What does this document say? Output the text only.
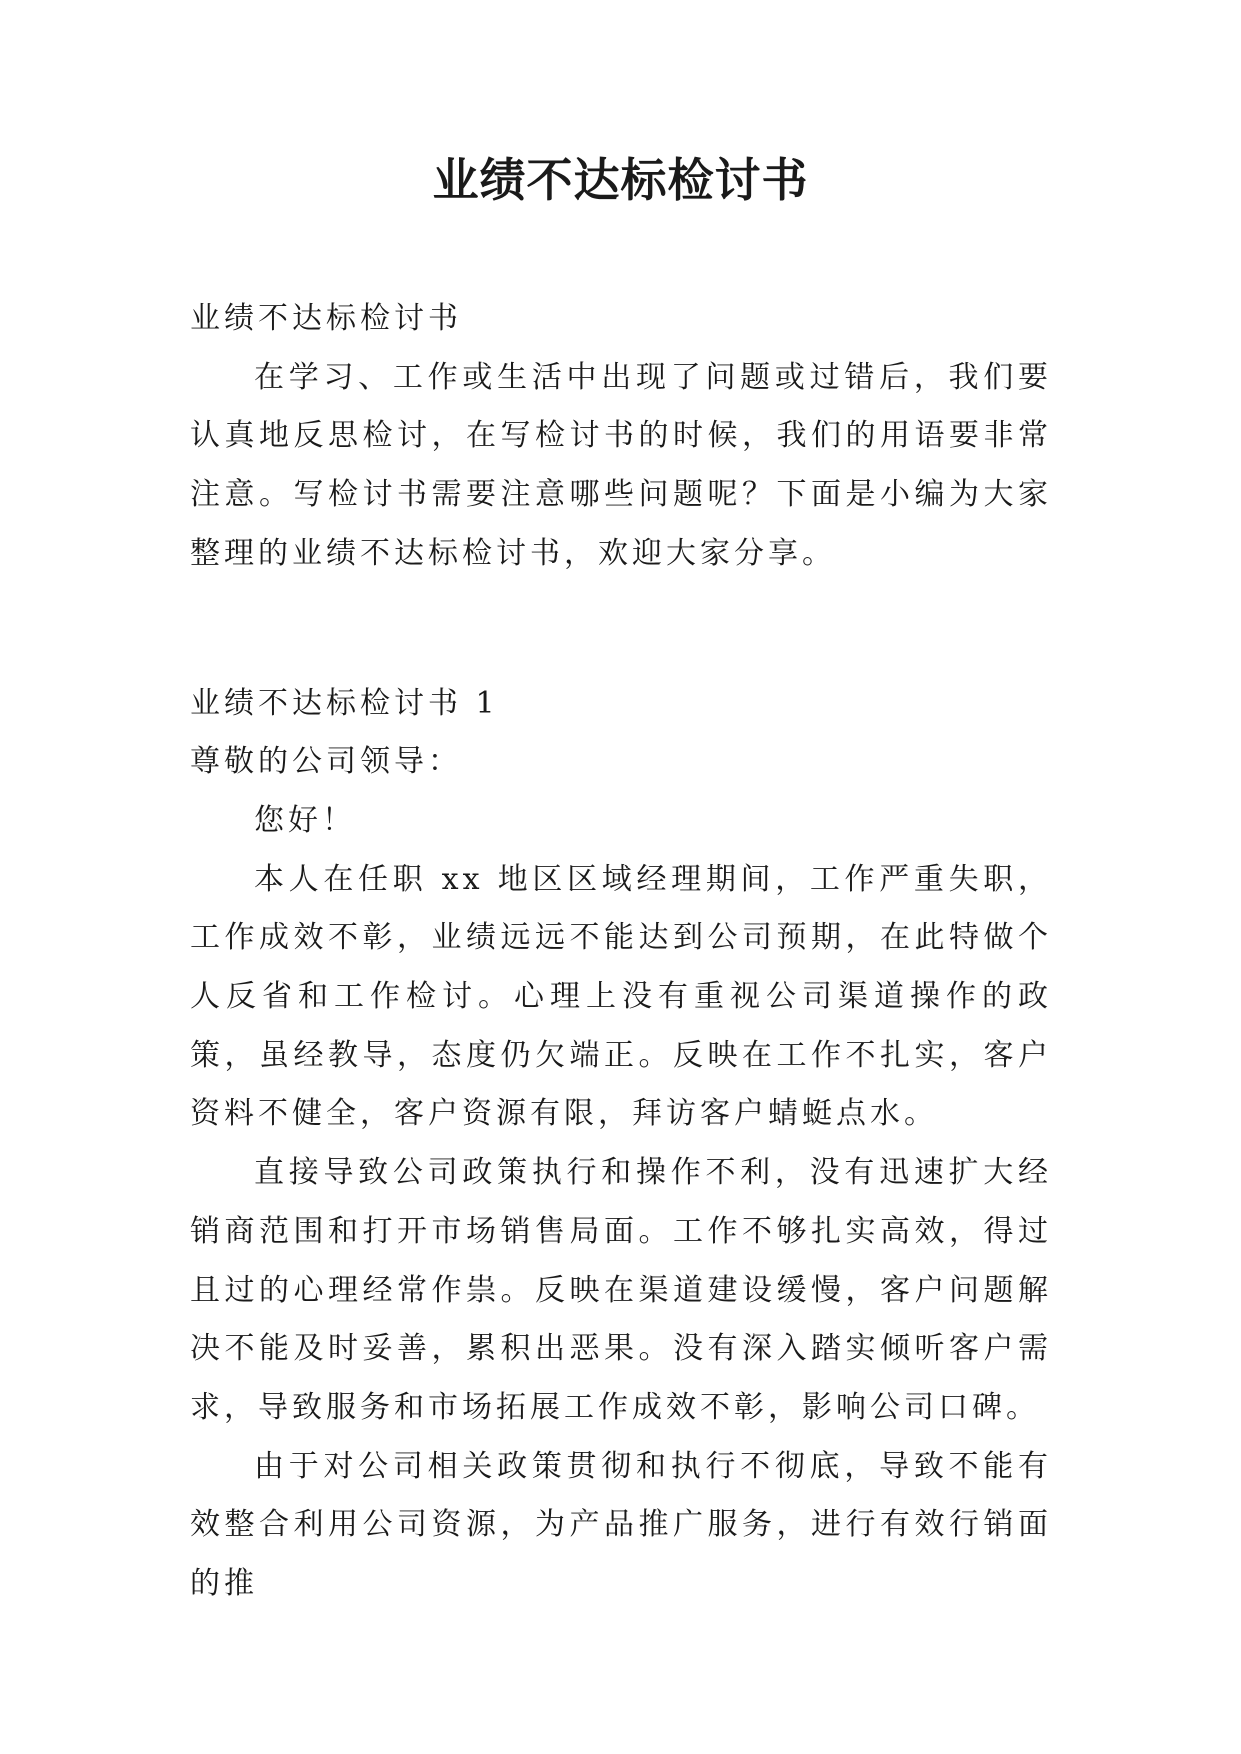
业绩不达标检讨书

业绩不达标检讨书

在学习、工作或生活中出现了问题或过错后，我们要认真地反思检讨，在写检讨书的时候，我们的用语要非常注意。写检讨书需要注意哪些问题呢？下面是小编为大家整理的业绩不达标检讨书，欢迎大家分享。

业绩不达标检讨书 1

尊敬的公司领导：

您好！

本人在任职 xx 地区区域经理期间，工作严重失职，工作成效不彰，业绩远远不能达到公司预期，在此特做个人反省和工作检讨。心理上没有重视公司渠道操作的政策，虽经教导，态度仍欠端正。反映在工作不扎实，客户资料不健全，客户资源有限，拜访客户蜻蜓点水。

直接导致公司政策执行和操作不利，没有迅速扩大经销商范围和打开市场销售局面。工作不够扎实高效，得过且过的心理经常作祟。反映在渠道建设缓慢，客户问题解决不能及时妥善，累积出恶果。没有深入踏实倾听客户需求，导致服务和市场拓展工作成效不彰，影响公司口碑。

由于对公司相关政策贯彻和执行不彻底，导致不能有效整合利用公司资源，为产品推广服务，进行有效行销面的推
